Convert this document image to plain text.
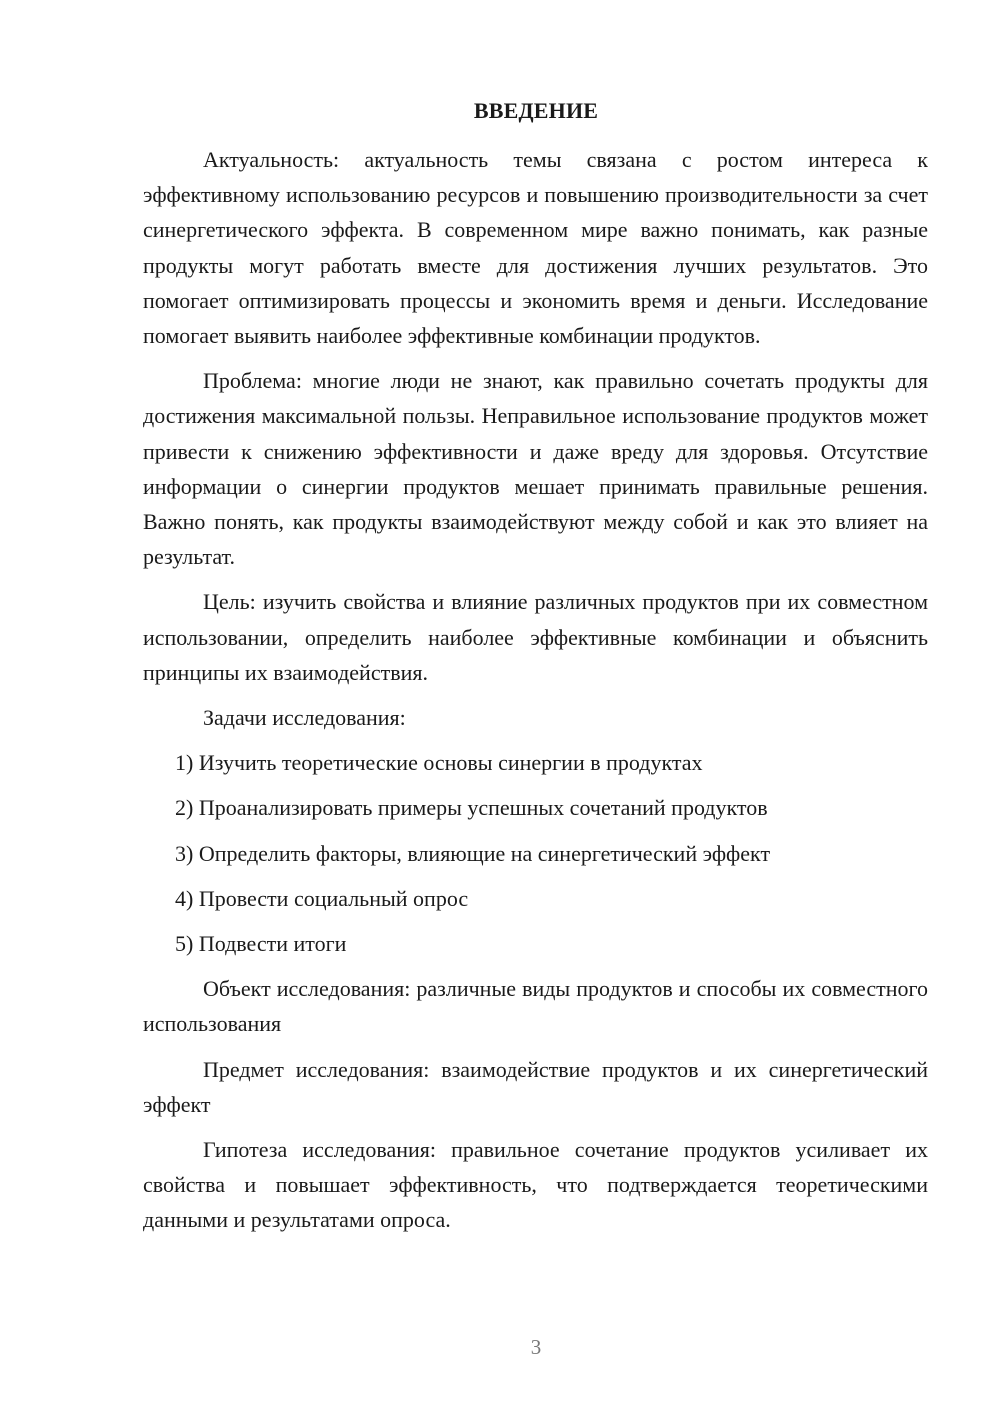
ВВЕДЕНИЕ

Актуальность: актуальность темы связана с ростом интереса к эффективному использованию ресурсов и повышению производительности за счет синергетического эффекта. В современном мире важно понимать, как разные продукты могут работать вместе для достижения лучших результатов. Это помогает оптимизировать процессы и экономить время и деньги. Исследование помогает выявить наиболее эффективные комбинации продуктов.

Проблема: многие люди не знают, как правильно сочетать продукты для достижения максимальной пользы. Неправильное использование продуктов может привести к снижению эффективности и даже вреду для здоровья. Отсутствие информации о синергии продуктов мешает принимать правильные решения. Важно понять, как продукты взаимодействуют между собой и как это влияет на результат.

Цель: изучить свойства и влияние различных продуктов при их совместном использовании, определить наиболее эффективные комбинации и объяснить принципы их взаимодействия.

Задачи исследования:

1) Изучить теоретические основы синергии в продуктах
2) Проанализировать примеры успешных сочетаний продуктов
3) Определить факторы, влияющие на синергетический эффект
4) Провести социальный опрос
5) Подвести итоги

Объект исследования: различные виды продуктов и способы их совместного использования

Предмет исследования: взаимодействие продуктов и их синергетический эффект

Гипотеза исследования: правильное сочетание продуктов усиливает их свойства и повышает эффективность, что подтверждается теоретическими данными и результатами опроса.

3
